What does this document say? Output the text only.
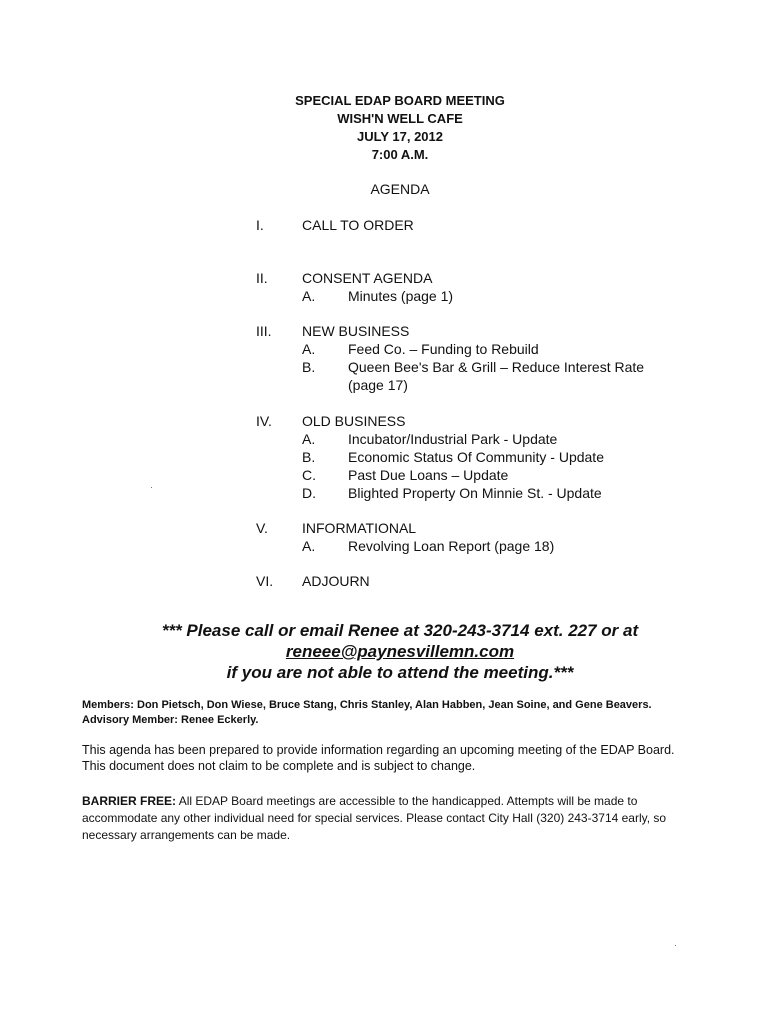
SPECIAL EDAP BOARD MEETING
WISH'N WELL CAFE
JULY 17, 2012
7:00 A.M.
AGENDA
I.	CALL TO ORDER
II. CONSENT AGENDA
A. Minutes (page 1)
III. NEW BUSINESS
A. Feed Co. – Funding to Rebuild
B. Queen Bee's Bar & Grill – Reduce Interest Rate
(page 17)
IV. OLD BUSINESS
A. Incubator/Industrial Park - Update
B. Economic Status Of Community - Update
C. Past Due Loans – Update
D. Blighted Property On Minnie St. - Update
V. INFORMATIONAL
A. Revolving Loan Report (page 18)
VI. ADJOURN
*** Please call or email Renee at 320-243-3714 ext. 227 or at
reneee@paynesvillemn.com
if you are not able to attend the meeting.***
Members: Don Pietsch, Don Wiese, Bruce Stang, Chris Stanley, Alan Habben, Jean Soine, and Gene Beavers. Advisory Member: Renee Eckerly.
This agenda has been prepared to provide information regarding an upcoming meeting of the EDAP Board. This document does not claim to be complete and is subject to change.
BARRIER FREE: All EDAP Board meetings are accessible to the handicapped. Attempts will be made to accommodate any other individual need for special services. Please contact City Hall (320) 243-3714 early, so necessary arrangements can be made.
